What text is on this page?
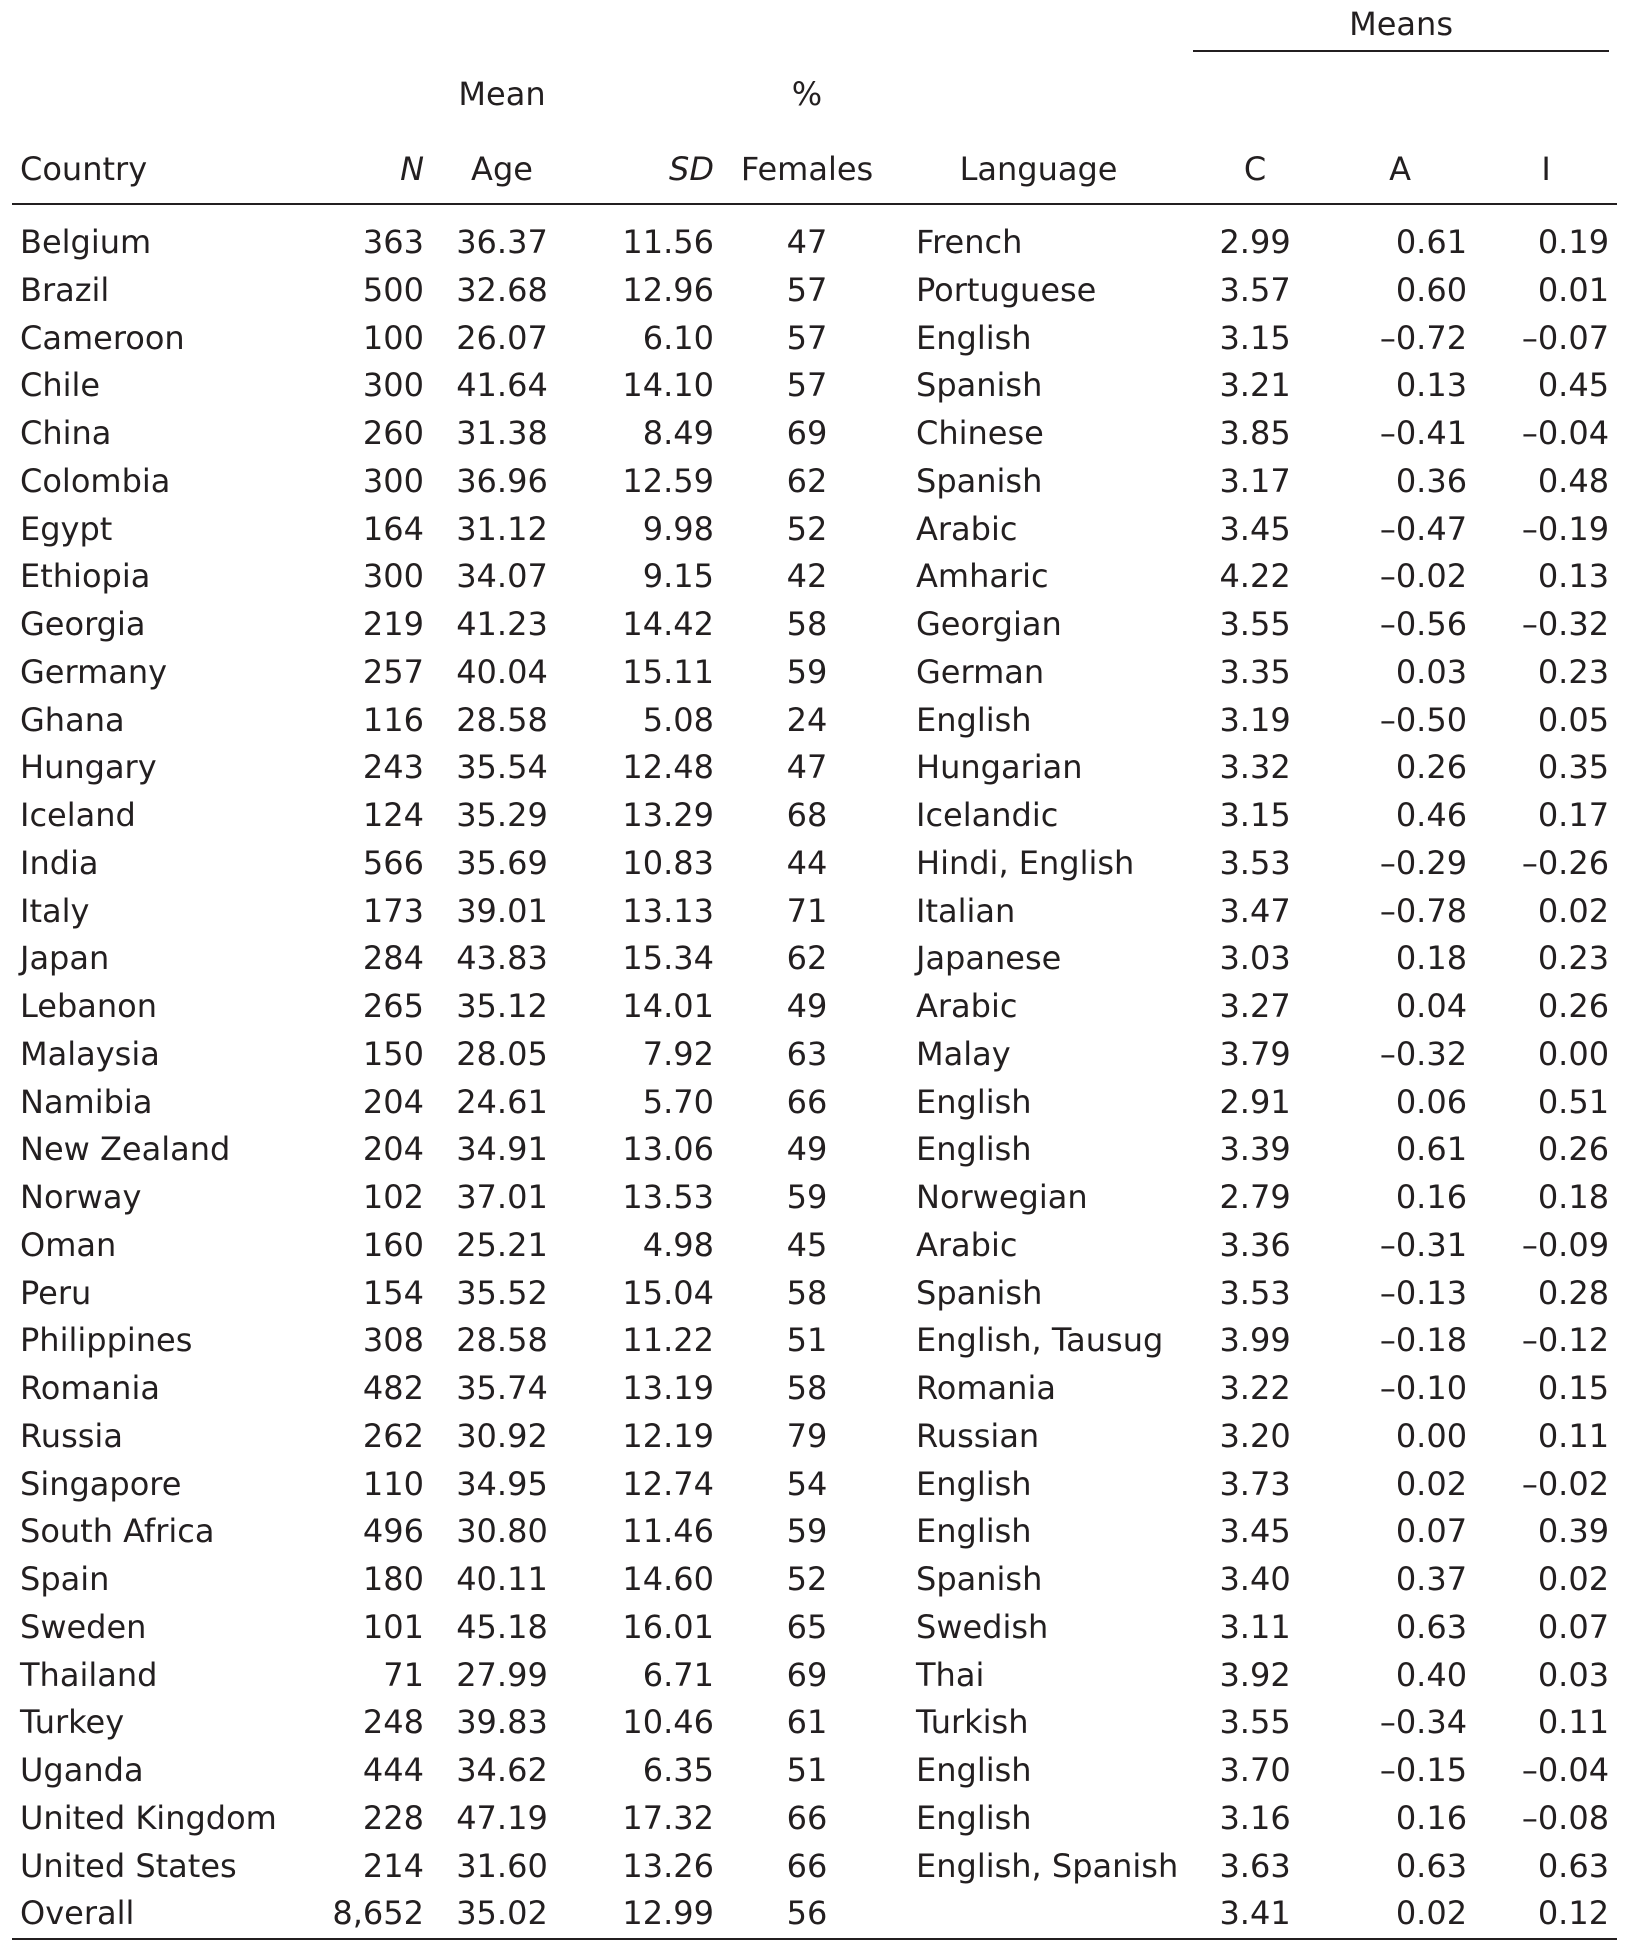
						Means		

		Mean		%				
Country	N	Age	SD	Females	Language	C	A	I
Belgium	363	36.37	11.56	47	French	2.99	0.61	0.19
Brazil	500	32.68	12.96	57	Portuguese	3.57	0.60	0.01
Cameroon	100	26.07	6.10	57	English	3.15	–0.72	–0.07
Chile	300	41.64	14.10	57	Spanish	3.21	0.13	0.45
China	260	31.38	8.49	69	Chinese	3.85	–0.41	–0.04
Colombia	300	36.96	12.59	62	Spanish	3.17	0.36	0.48
Egypt	164	31.12	9.98	52	Arabic	3.45	–0.47	–0.19
Ethiopia	300	34.07	9.15	42	Amharic	4.22	–0.02	0.13
Georgia	219	41.23	14.42	58	Georgian	3.55	–0.56	–0.32
Germany	257	40.04	15.11	59	German	3.35	0.03	0.23
Ghana	116	28.58	5.08	24	English	3.19	–0.50	0.05
Hungary	243	35.54	12.48	47	Hungarian	3.32	0.26	0.35
Iceland	124	35.29	13.29	68	Icelandic	3.15	0.46	0.17
India	566	35.69	10.83	44	Hindi, English	3.53	–0.29	–0.26
Italy	173	39.01	13.13	71	Italian	3.47	–0.78	0.02
Japan	284	43.83	15.34	62	Japanese	3.03	0.18	0.23
Lebanon	265	35.12	14.01	49	Arabic	3.27	0.04	0.26
Malaysia	150	28.05	7.92	63	Malay	3.79	–0.32	0.00
Namibia	204	24.61	5.70	66	English	2.91	0.06	0.51
New Zealand	204	34.91	13.06	49	English	3.39	0.61	0.26
Norway	102	37.01	13.53	59	Norwegian	2.79	0.16	0.18
Oman	160	25.21	4.98	45	Arabic	3.36	–0.31	–0.09
Peru	154	35.52	15.04	58	Spanish	3.53	–0.13	0.28
Philippines	308	28.58	11.22	51	English, Tausug	3.99	–0.18	–0.12
Romania	482	35.74	13.19	58	Romania	3.22	–0.10	0.15
Russia	262	30.92	12.19	79	Russian	3.20	0.00	0.11
Singapore	110	34.95	12.74	54	English	3.73	0.02	–0.02
South Africa	496	30.80	11.46	59	English	3.45	0.07	0.39
Spain	180	40.11	14.60	52	Spanish	3.40	0.37	0.02
Sweden	101	45.18	16.01	65	Swedish	3.11	0.63	0.07
Thailand	71	27.99	6.71	69	Thai	3.92	0.40	0.03
Turkey	248	39.83	10.46	61	Turkish	3.55	–0.34	0.11
Uganda	444	34.62	6.35	51	English	3.70	–0.15	–0.04
United Kingdom	228	47.19	17.32	66	English	3.16	0.16	–0.08
United States	214	31.60	13.26	66	English, Spanish	3.63	0.63	0.63
Overall	8,652	35.02	12.99	56		3.41	0.02	0.12
